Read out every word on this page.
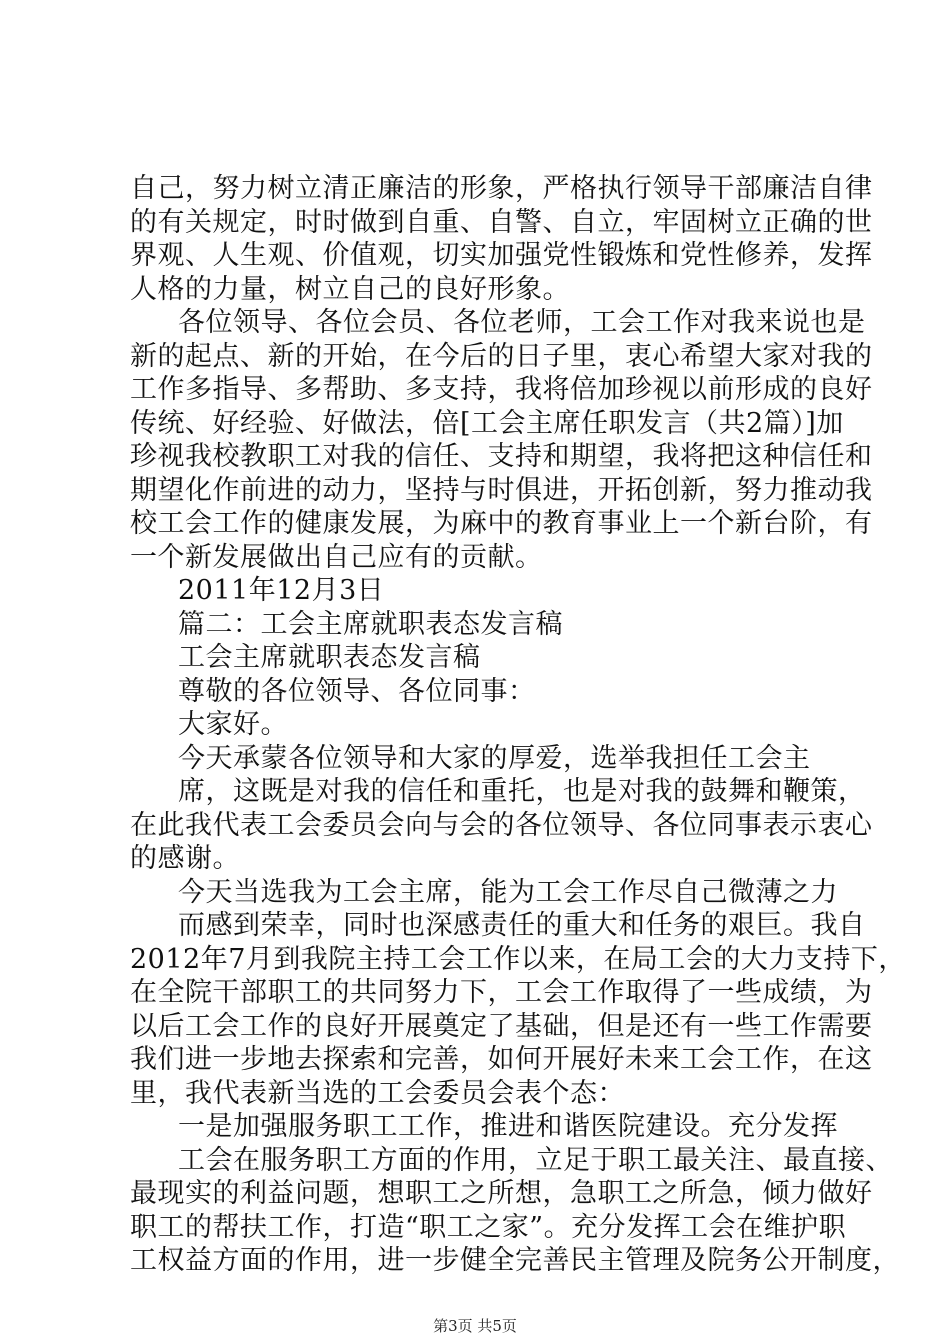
自己，努力树立清正廉洁的形象，严格执行领导干部廉洁自律
的有关规定，时时做到自重、自警、自立，牢固树立正确的世
界观、人生观、价值观，切实加强党性锻炼和党性修养，发挥
人格的力量，树立自己的良好形象。
各位领导、各位会员、各位老师，工会工作对我来说也是
新的起点、新的开始，在今后的日子里，衷心希望大家对我的
工作多指导、多帮助、多支持，我将倍加珍视以前形成的良好
传统、好经验、好做法，倍[工会主席任职发言（共2篇）]加
珍视我校教职工对我的信任、支持和期望，我将把这种信任和
期望化作前进的动力，坚持与时俱进，开拓创新，努力推动我
校工会工作的健康发展，为麻中的教育事业上一个新台阶，有
一个新发展做出自己应有的贡献。
2011年12月3日
篇二：工会主席就职表态发言稿
工会主席就职表态发言稿
尊敬的各位领导、各位同事：
大家好。
今天承蒙各位领导和大家的厚爱，选举我担任工会主
席，这既是对我的信任和重托，也是对我的鼓舞和鞭策，
在此我代表工会委员会向与会的各位领导、各位同事表示衷心
的感谢。
今天当选我为工会主席，能为工会工作尽自己微薄之力
而感到荣幸，同时也深感责任的重大和任务的艰巨。我自
2012年7月到我院主持工会工作以来，在局工会的大力支持下，
在全院干部职工的共同努力下，工会工作取得了一些成绩，为
以后工会工作的良好开展奠定了基础，但是还有一些工作需要
我们进一步地去探索和完善，如何开展好未来工会工作，在这
里，我代表新当选的工会委员会表个态：
一是加强服务职工工作，推进和谐医院建设。充分发挥
工会在服务职工方面的作用，立足于职工最关注、最直接、
最现实的利益问题，想职工之所想，急职工之所急，倾力做好
职工的帮扶工作，打造“职工之家”。充分发挥工会在维护职
工权益方面的作用，进一步健全完善民主管理及院务公开制度，
第3页 共5页
